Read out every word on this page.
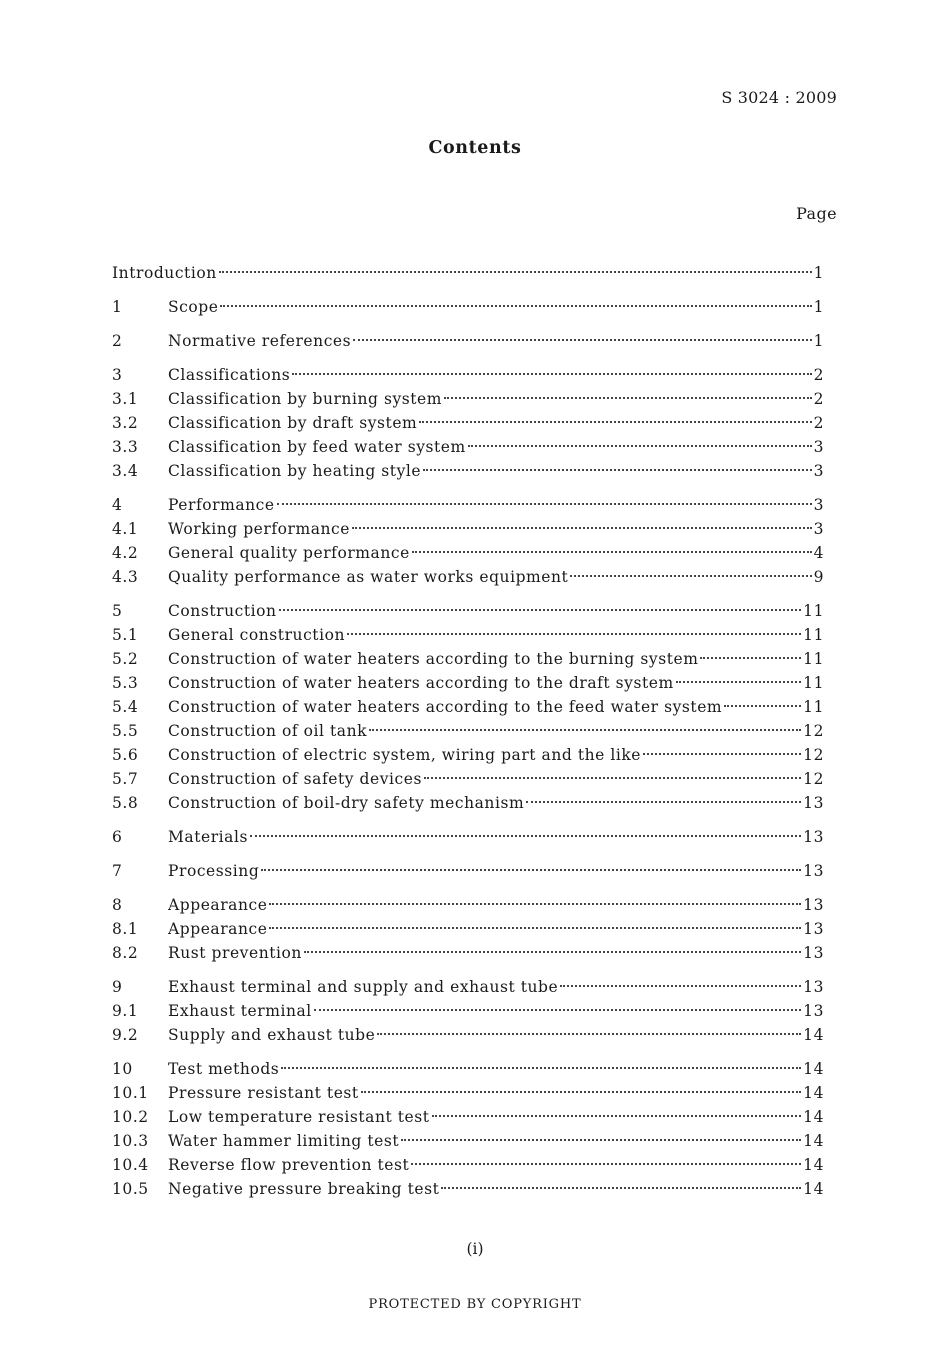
S 3024 : 2009
Contents
Page
Introduction	1
1	Scope	1
2	Normative references	1
3	Classifications	2
3.1	Classification by burning system	2
3.2	Classification by draft system	2
3.3	Classification by feed water system	3
3.4	Classification by heating style	3
4	Performance	3
4.1	Working performance	3
4.2	General quality performance	4
4.3	Quality performance as water works equipment	9
5	Construction	11
5.1	General construction	11
5.2	Construction of water heaters according to the burning system	11
5.3	Construction of water heaters according to the draft system	11
5.4	Construction of water heaters according to the feed water system	11
5.5	Construction of oil tank	12
5.6	Construction of electric system, wiring part and the like	12
5.7	Construction of safety devices	12
5.8	Construction of boil-dry safety mechanism	13
6	Materials	13
7	Processing	13
8	Appearance	13
8.1	Appearance	13
8.2	Rust prevention	13
9	Exhaust terminal and supply and exhaust tube	13
9.1	Exhaust terminal	13
9.2	Supply and exhaust tube	14
10	Test methods	14
10.1	Pressure resistant test	14
10.2	Low temperature resistant test	14
10.3	Water hammer limiting test	14
10.4	Reverse flow prevention test	14
10.5	Negative pressure breaking test	14
(i)
PROTECTED BY COPYRIGHT
